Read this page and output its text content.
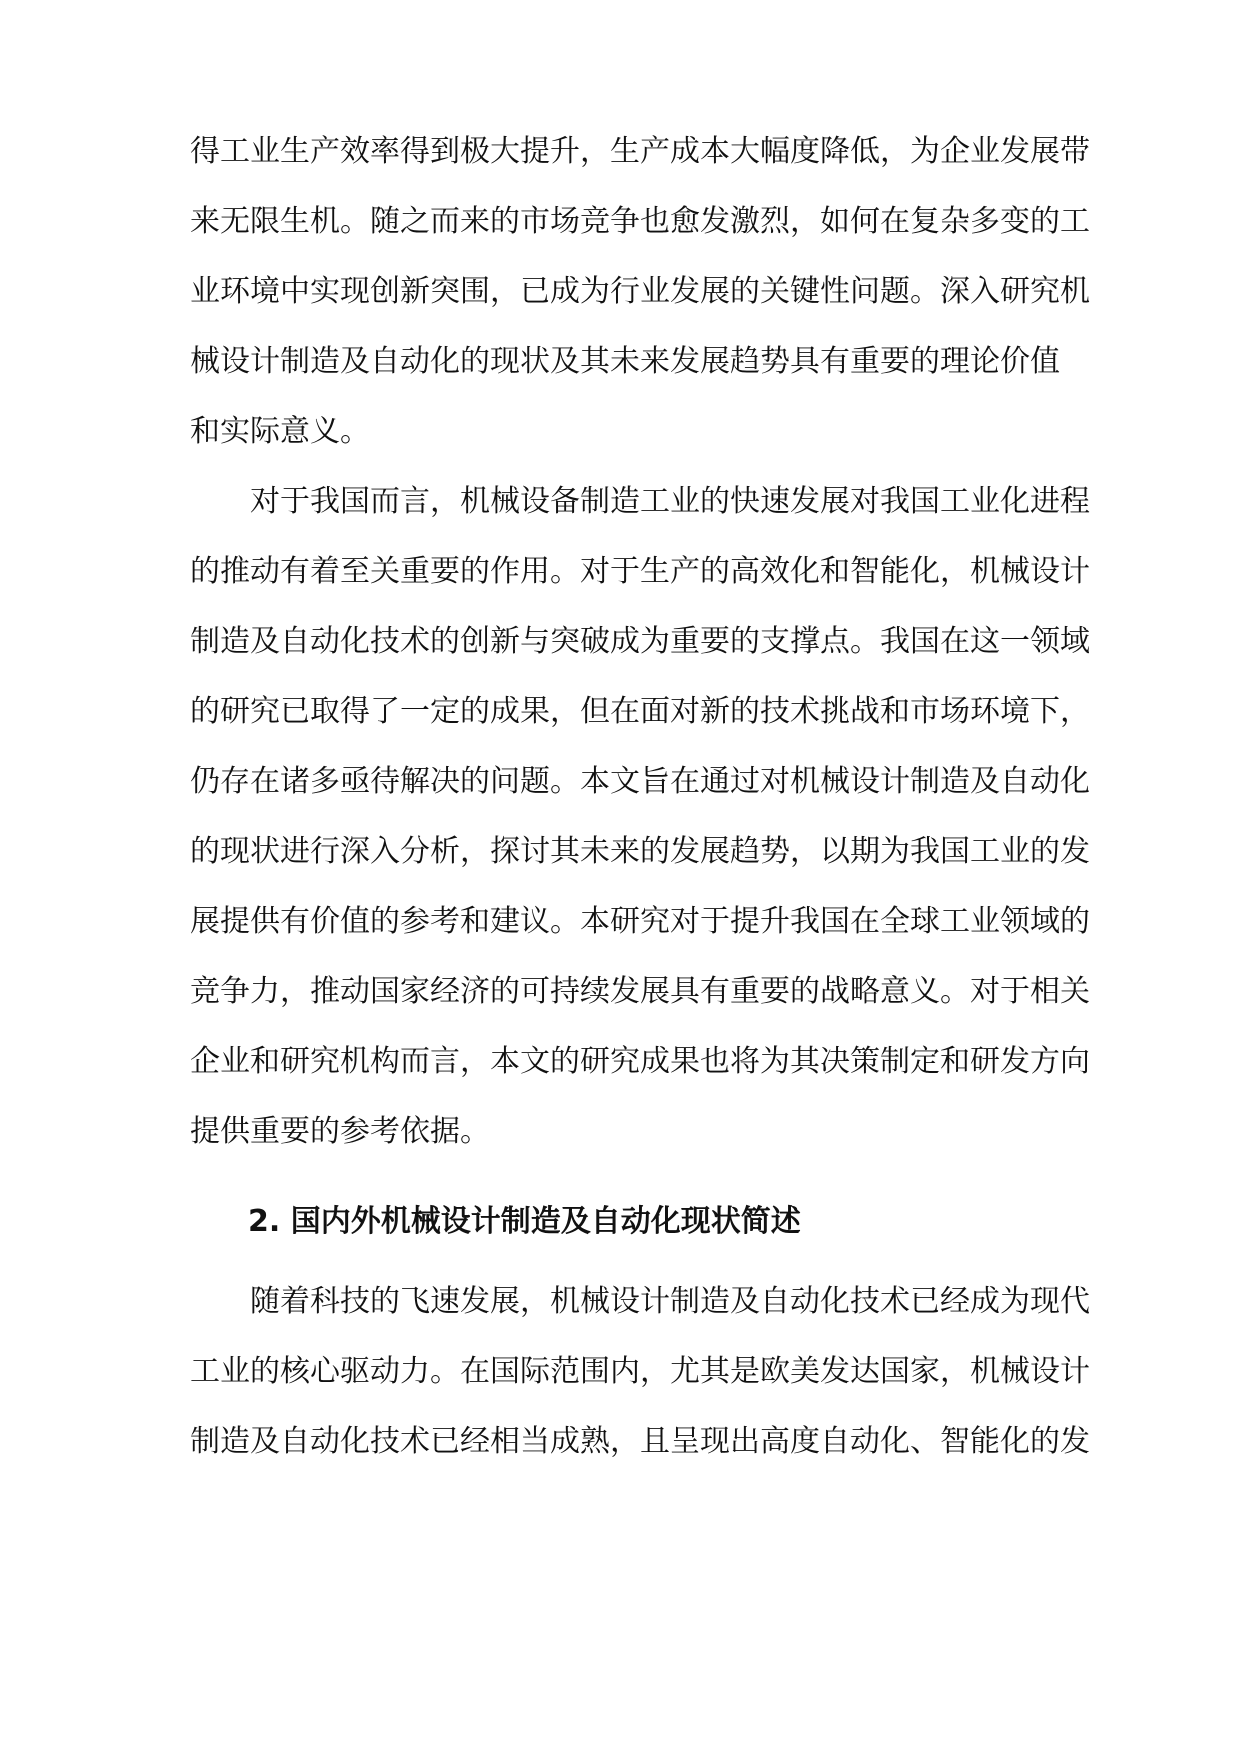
得工业生产效率得到极大提升，生产成本大幅度降低，为企业发展带
来无限生机。随之而来的市场竞争也愈发激烈，如何在复杂多变的工
业环境中实现创新突围，已成为行业发展的关键性问题。深入研究机
械设计制造及自动化的现状及其未来发展趋势具有重要的理论价值
和实际意义。
对于我国而言，机械设备制造工业的快速发展对我国工业化进程
的推动有着至关重要的作用。对于生产的高效化和智能化，机械设计
制造及自动化技术的创新与突破成为重要的支撑点。我国在这一领域
的研究已取得了一定的成果，但在面对新的技术挑战和市场环境下，
仍存在诸多亟待解决的问题。本文旨在通过对机械设计制造及自动化
的现状进行深入分析，探讨其未来的发展趋势，以期为我国工业的发
展提供有价值的参考和建议。本研究对于提升我国在全球工业领域的
竞争力，推动国家经济的可持续发展具有重要的战略意义。对于相关
企业和研究机构而言，本文的研究成果也将为其决策制定和研发方向
提供重要的参考依据。
2. 国内外机械设计制造及自动化现状简述
随着科技的飞速发展，机械设计制造及自动化技术已经成为现代
工业的核心驱动力。在国际范围内，尤其是欧美发达国家，机械设计
制造及自动化技术已经相当成熟，且呈现出高度自动化、智能化的发
